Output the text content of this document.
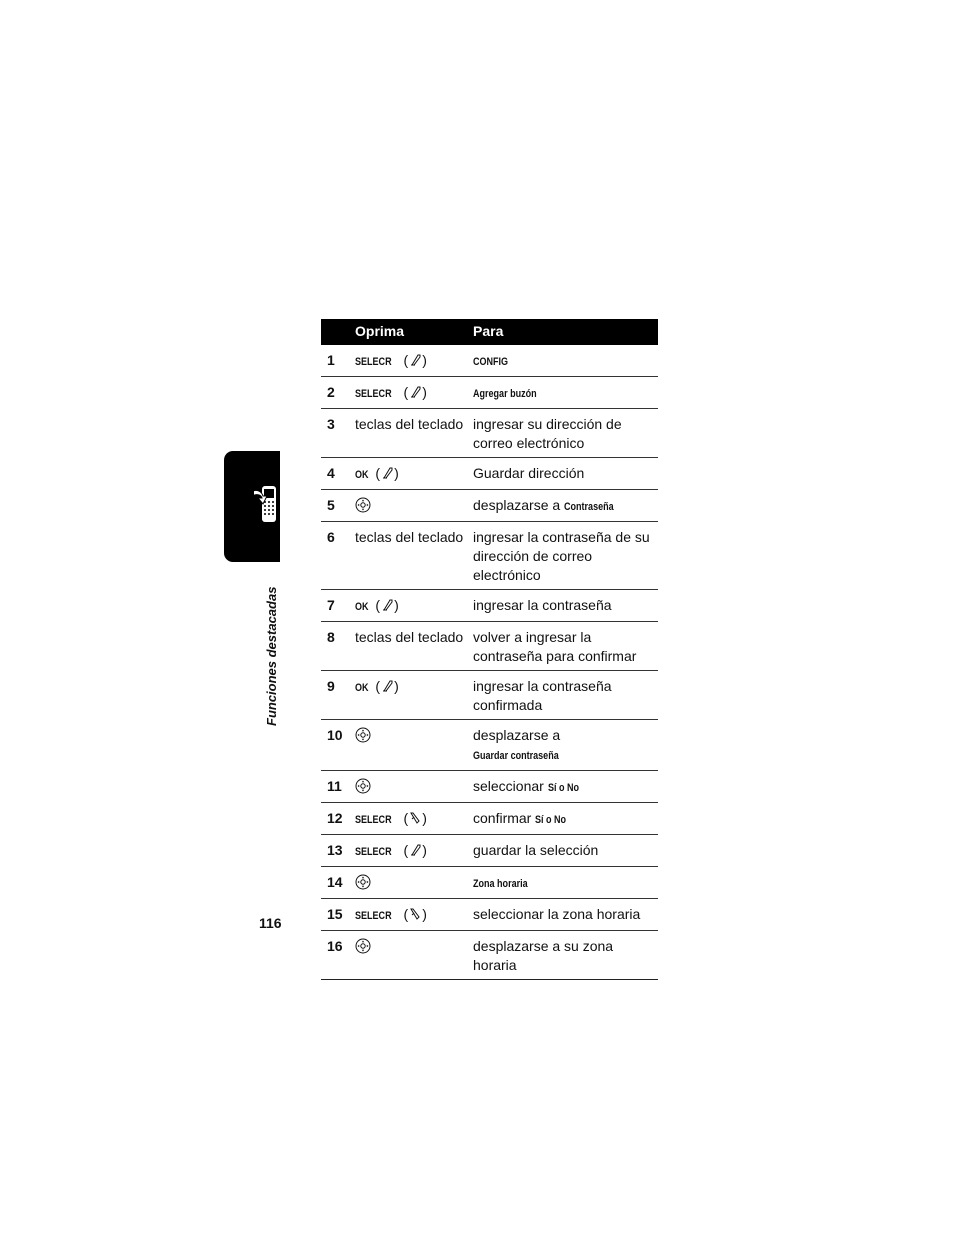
Funciones destacadas
	Oprima	Para
1	SELECR ( )	CONFIG
2	SELECR ( )	Agregar buzón
3	teclas del teclado	ingresar su dirección de correo electrónico
4	OK ( )	Guardar dirección
5		desplazarse a Contraseña
6	teclas del teclado	ingresar la contraseña de su dirección de correo electrónico
7	OK ( )	ingresar la contraseña
8	teclas del teclado	volver a ingresar la contraseña para confirmar
9	OK ( )	ingresar la contraseña confirmada
10		desplazarse a Guardar contraseña
11		seleccionar Sí o No
12	SELECR ( )	confirmar Sí o No
13	SELECR ( )	guardar la selección
14		Zona horaria
15	SELECR ( )	seleccionar la zona horaria
16		desplazarse a su zona horaria
116
